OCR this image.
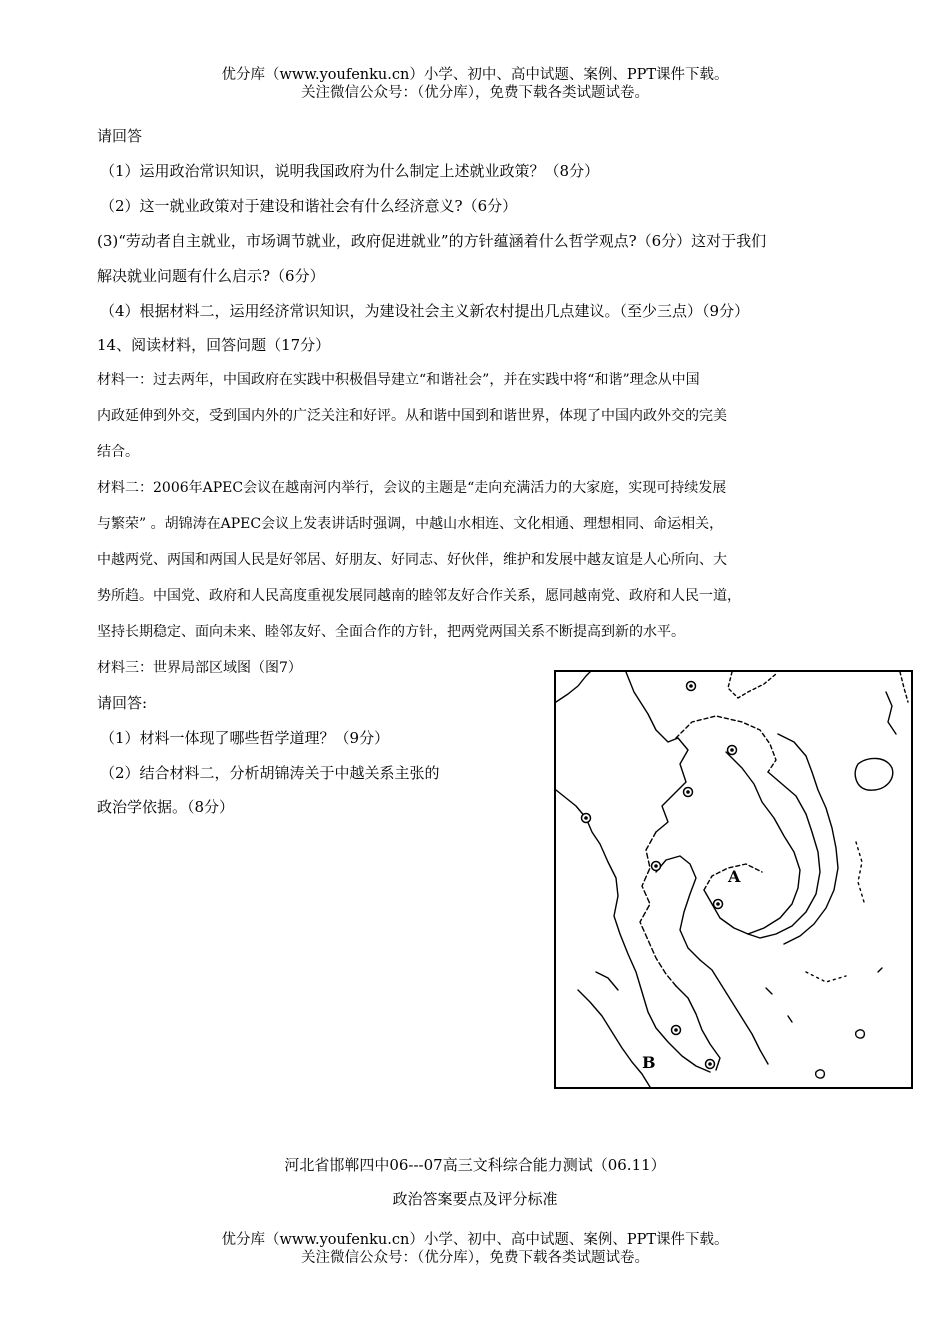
优分库（www.youfenku.cn）小学、初中、高中试题、案例、PPT课件下载。
关注微信公众号：（优分库），免费下载各类试题试卷。
请回答
（1）运用政治常识知识，说明我国政府为什么制定上述就业政策？（8分）
（2）这一就业政策对于建设和谐社会有什么经济意义?（6分）
(3)“劳动者自主就业，市场调节就业，政府促进就业”的方针蕴涵着什么哲学观点?（6分）这对于我们
解决就业问题有什么启示?（6分）
（4）根据材料二，运用经济常识知识，为建设社会主义新农村提出几点建议。（至少三点）（9分）
14、阅读材料，回答问题（17分）
材料一：过去两年，中国政府在实践中积极倡导建立“和谐社会”，并在实践中将“和谐”理念从中国
内政延伸到外交，受到国内外的广泛关注和好评。从和谐中国到和谐世界，体现了中国内政外交的完美
结合。
材料二：2006年APEC会议在越南河内举行，会议的主题是“走向充满活力的大家庭，实现可持续发展
与繁荣” 。胡锦涛在APEC会议上发表讲话时强调，中越山水相连、文化相通、理想相同、命运相关，
中越两党、两国和两国人民是好邻居、好朋友、好同志、好伙伴，维护和发展中越友谊是人心所向、大
势所趋。中国党、政府和人民高度重视发展同越南的睦邻友好合作关系，愿同越南党、政府和人民一道，
坚持长期稳定、面向未来、睦邻友好、全面合作的方针，把两党两国关系不断提高到新的水平。
材料三：世界局部区域图（图7）
请回答:
（1）材料一体现了哪些哲学道理？（9分）
（2）结合材料二，分析胡锦涛关于中越关系主张的
政治学依据。（8分）
A
B
河北省邯郸四中06---07高三文科综合能力测试（06.11）
政治答案要点及评分标准
优分库（www.youfenku.cn）小学、初中、高中试题、案例、PPT课件下载。
关注微信公众号：（优分库），免费下载各类试题试卷。
